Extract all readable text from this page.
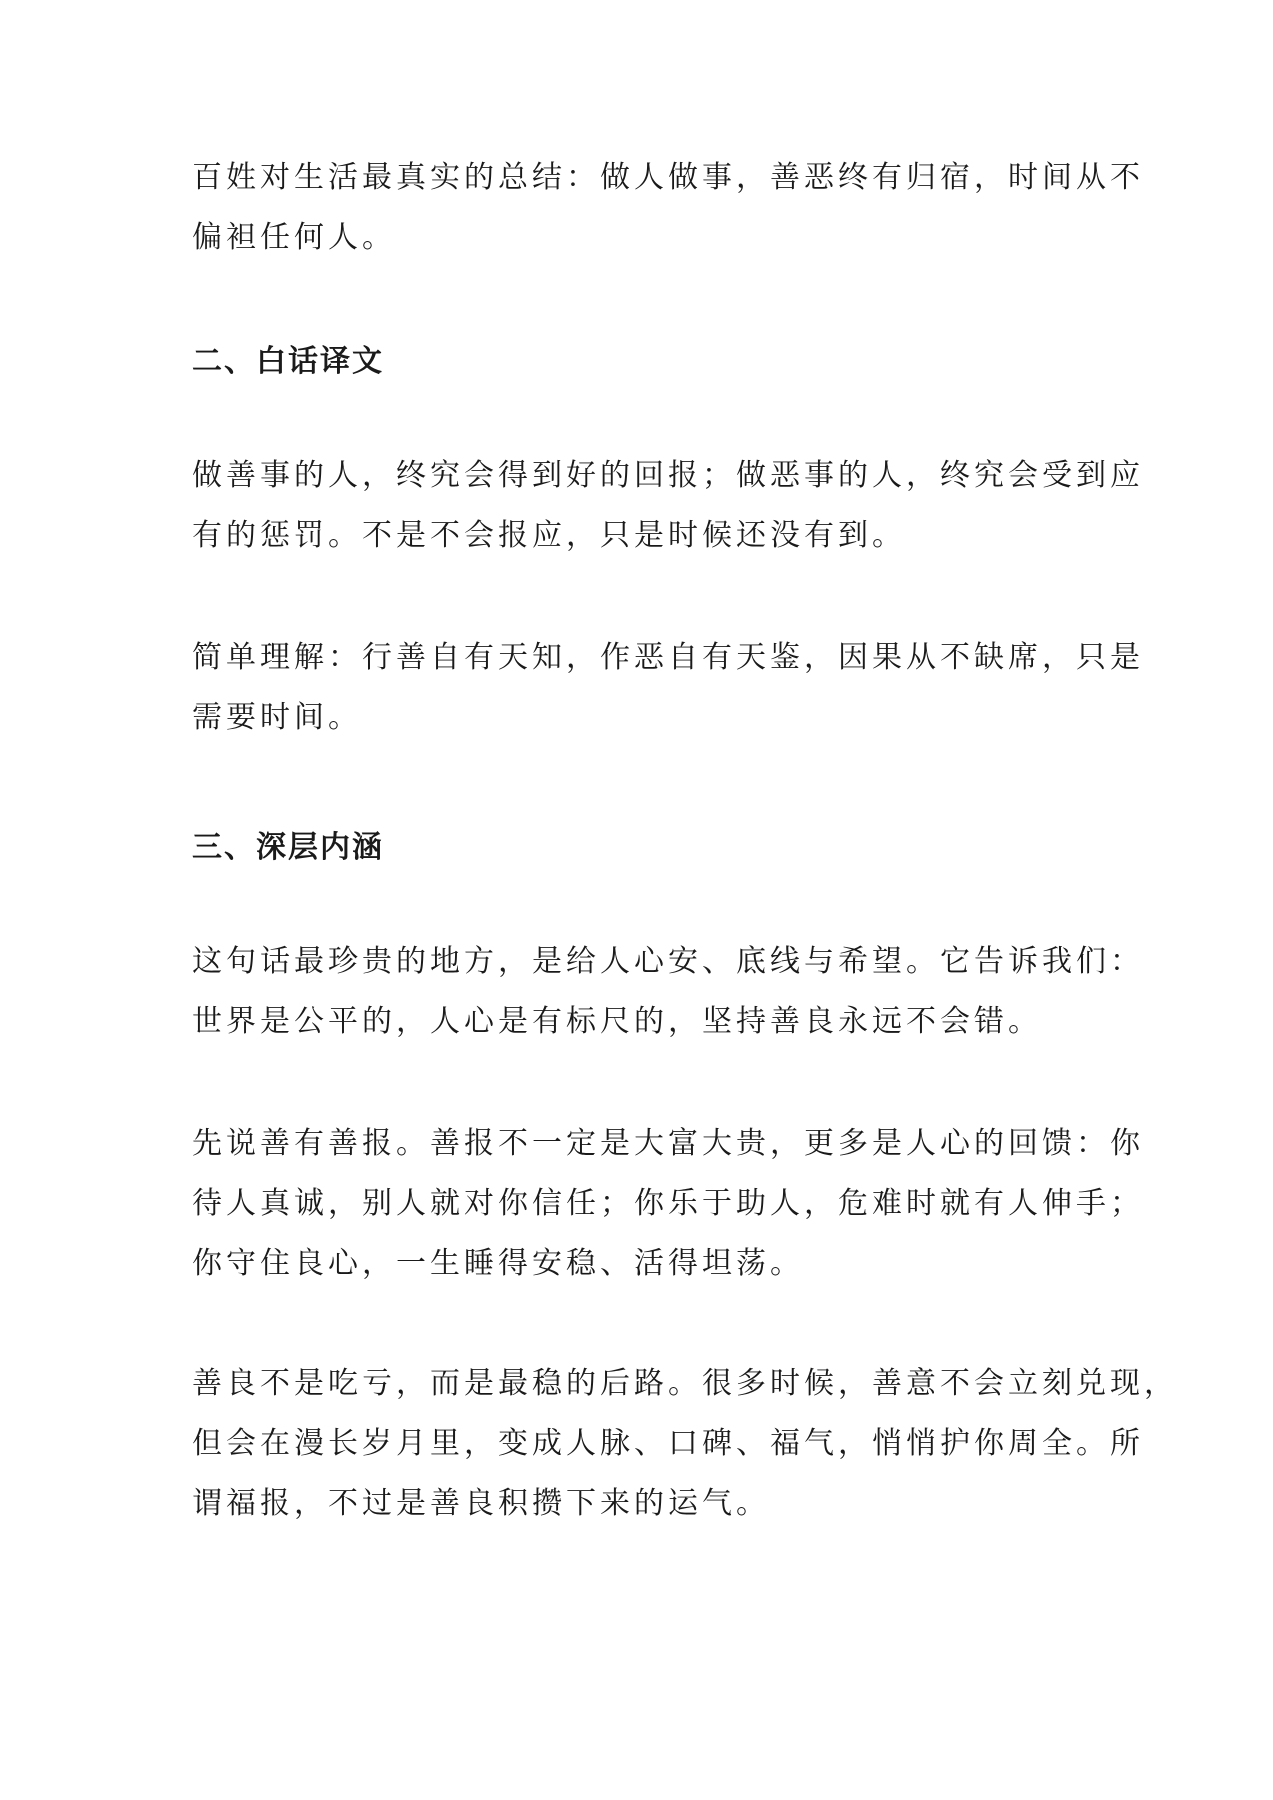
百姓对生活最真实的总结：做人做事，善恶终有归宿，时间从不
偏袒任何人。

二、白话译文

做善事的人，终究会得到好的回报；做恶事的人，终究会受到应
有的惩罚。不是不会报应，只是时候还没有到。

简单理解：行善自有天知，作恶自有天鉴，因果从不缺席，只是
需要时间。

三、深层内涵

这句话最珍贵的地方，是给人心安、底线与希望。它告诉我们：
世界是公平的，人心是有标尺的，坚持善良永远不会错。

先说善有善报。善报不一定是大富大贵，更多是人心的回馈：你
待人真诚，别人就对你信任；你乐于助人，危难时就有人伸手；
你守住良心，一生睡得安稳、活得坦荡。

善良不是吃亏，而是最稳的后路。很多时候，善意不会立刻兑现，
但会在漫长岁月里，变成人脉、口碑、福气，悄悄护你周全。所
谓福报，不过是善良积攒下来的运气。
